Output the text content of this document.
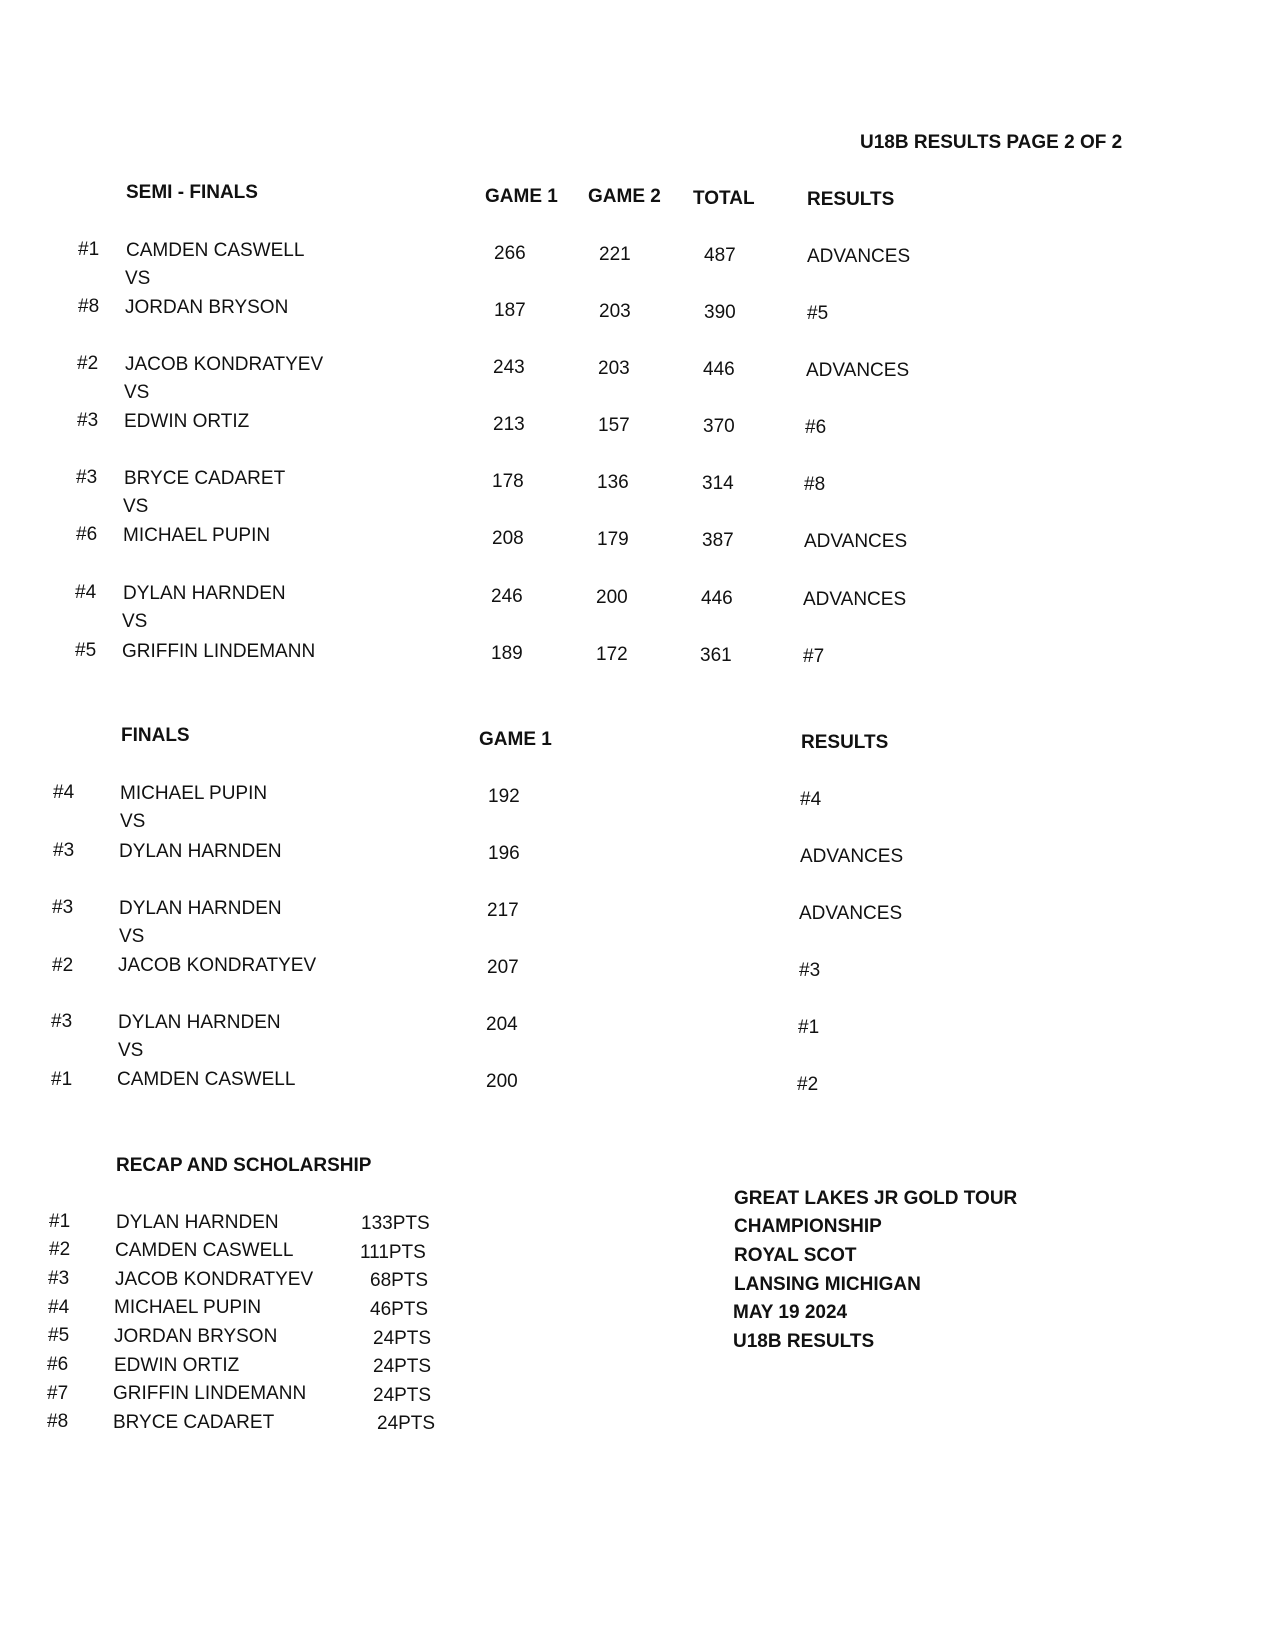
U18B RESULTS PAGE 2 OF 2
SEMI - FINALS	GAME 1 GAME 2 TOTAL	RESULTS
#1 CAMDEN CASWELL	266	221	487	ADVANCES
VS
#8 JORDAN BRYSON	187	203	390	#5
#2 JACOB KONDRATYEV	243	203	446	ADVANCES
VS
#3 EDWIN ORTIZ	213	157	370	#6
#3 BRYCE CADARET	178	136	314	#8
VS
#6 MICHAEL PUPIN	208	179	387	ADVANCES
#4 DYLAN HARNDEN	246	200	446	ADVANCES
VS
#5 GRIFFIN LINDEMANN	189	172	361	#7
FINALS	GAME 1	RESULTS
#4 MICHAEL PUPIN	192	#4
VS
#3 DYLAN HARNDEN	196	ADVANCES
#3 DYLAN HARNDEN	217	ADVANCES
VS
#2 JACOB KONDRATYEV	207	#3
#3 DYLAN HARNDEN	204	#1
VS
#1 CAMDEN CASWELL	200	#2
RECAP AND SCHOLARSHIP
#1 DYLAN HARNDEN	133PTS
#2 CAMDEN CASWELL	111PTS
#3 JACOB KONDRATYEV	68PTS
#4 MICHAEL PUPIN	46PTS
#5 JORDAN BRYSON	24PTS
#6 EDWIN ORTIZ	24PTS
#7 GRIFFIN LINDEMANN	24PTS
#8 BRYCE CADARET	24PTS
GREAT LAKES JR GOLD TOUR
CHAMPIONSHIP
ROYAL SCOT
LANSING MICHIGAN
MAY 19 2024
U18B RESULTS
